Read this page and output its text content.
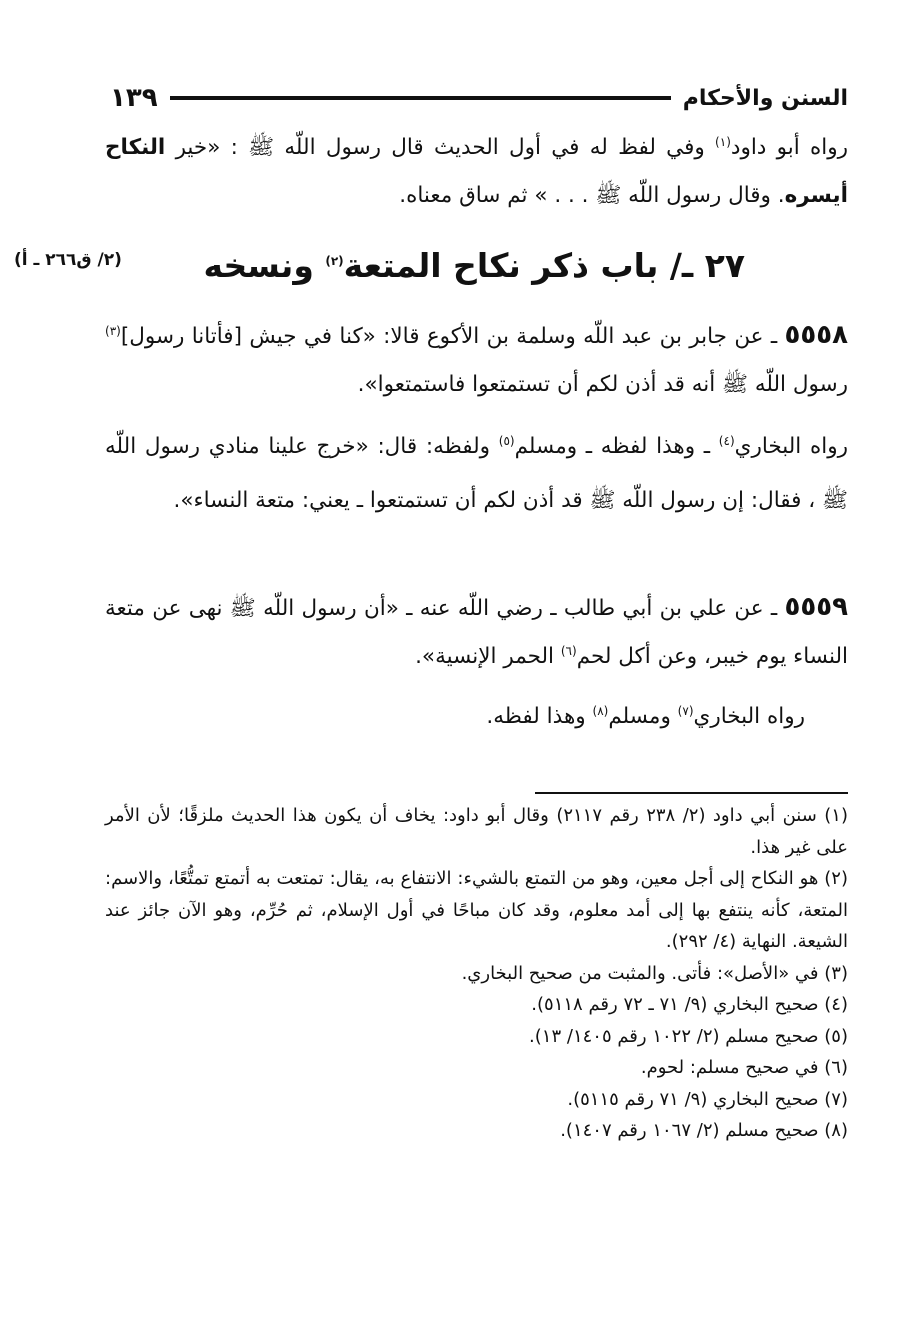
١٣٩	السنن والأحكام
رواه أبو داود$^{(١)}$ وفي لفظ له في أول الحديث قال رسول اللّه ﷺ : «خير النكاح أيسره. وقال رسول اللّه ﷺ . . . » ثم ساق معناه.
٢٧ ـ/ باب ذكر نكاح المتعة$^{(٢)}$ ونسخه
(٢/ ق٢٦٦ ـ أ)
٥٥٥٨ ـ عن جابر بن عبد اللّه وسلمة بن الأكوع قالا: «كنا في جيش [فأتانا رسول]$^{(٣)}$ رسول اللّه ﷺ أنه قد أذن لكم أن تستمتعوا فاستمتعوا».
رواه البخاري$^{(٤)}$ ـ وهذا لفظه ـ ومسلم$^{(٥)}$ ولفظه: قال: «خرج علينا منادي رسول اللّه ﷺ ، فقال: إن رسول اللّه ﷺ قد أذن لكم أن تستمتعوا ـ يعني: متعة النساء».
٥٥٥٩ ـ عن علي بن أبي طالب ـ رضي اللّه عنه ـ «أن رسول اللّه ﷺ نهى عن متعة النساء يوم خيبر، وعن أكل لحم$^{(٦)}$ الحمر الإنسية».
رواه البخاري$^{(٧)}$ ومسلم$^{(٨)}$ وهذا لفظه.
(١) سنن أبي داود (٢/ ٢٣٨ رقم ٢١١٧) وقال أبو داود: يخاف أن يكون هذا الحديث ملزقًا؛ لأن الأمر على غير هذا.
(٢) هو النكاح إلى أجل معين، وهو من التمتع بالشيء: الانتفاع به، يقال: تمتعت به أتمتع تمتُّعًا، والاسم: المتعة، كأنه ينتفع بها إلى أمد معلوم، وقد كان مباحًا في أول الإسلام، ثم حُرِّم، وهو الآن جائز عند الشيعة. النهاية (٤/ ٢٩٢).
(٣) في «الأصل»: فأتى. والمثبت من صحيح البخاري.
(٤) صحيح البخاري (٩/ ٧١ ـ ٧٢ رقم ٥١١٨).
(٥) صحيح مسلم (٢/ ١٠٢٢ رقم ١٤٠٥/ ١٣).
(٦) في صحيح مسلم: لحوم.
(٧) صحيح البخاري (٩/ ٧١ رقم ٥١١٥).
(٨) صحيح مسلم (٢/ ١٠٦٧ رقم ١٤٠٧).
